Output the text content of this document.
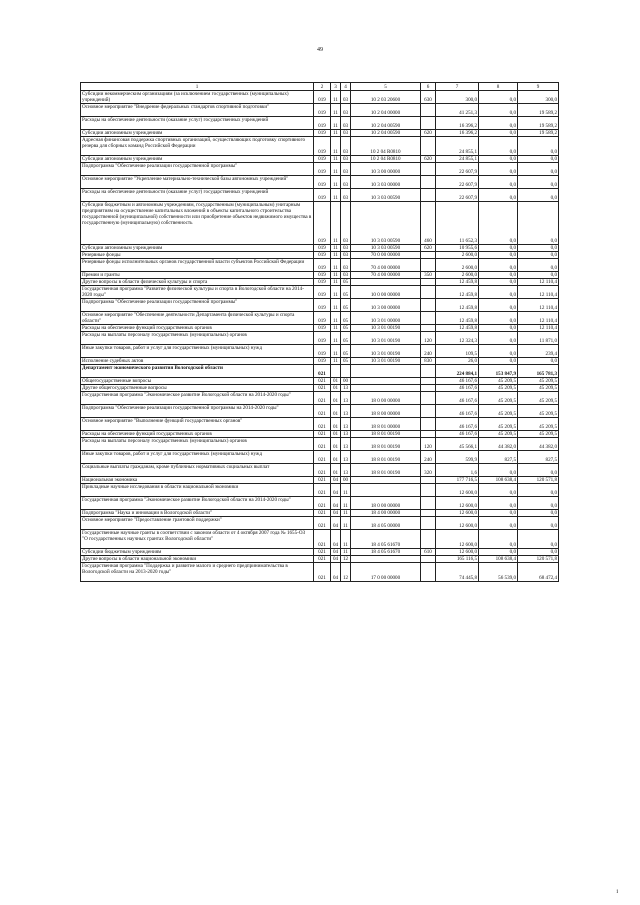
49
1	2	3	4	5	6	7	8	9
Субсидии некоммерческим организациям (за исключением государственных (муниципальных) учреждений)	019	11	03	10 2 03 20600	630	300,0	0,0	300,0
Основное мероприятие "Внедрение федеральных стандартов спортивной подготовки"	019	11	03	10 2 04 00000		41 251,3	0,0	19 589,2
Расходы на обеспечение деятельности (оказание услуг) государственных учреждений	019	11	03	10 2 04 00590		16 396,2	0,0	19 589,2
Субсидии автономным учреждениям	019	11	03	10 2 04 00590	620	16 396,2	0,0	19 589,2
Адресная финансовая поддержка спортивных организаций, осуществляющих подготовку спортивного резерва для сборных команд Российской Федерации	019	11	03	10 2 04 R0810		24 855,1	0,0	0,0
Субсидии автономным учреждениям	019	11	03	10 2 04 R0810	620	24 855,1	0,0	0,0
Подпрограмма "Обеспечение реализации государственной программы"	019	11	03	10 3 00 00000		22 607,9	0,0	0,0
Основное мероприятие "Укрепление материально-технической базы автономных учреждений"	019	11	03	10 3 03 00000		22 607,9	0,0	0,0
Расходы на обеспечение деятельности (оказание услуг) государственных учреждений	019	11	03	10 3 03 00590		22 607,9	0,0	0,0
Субсидии бюджетным и автономным учреждениям, государственным (муниципальным) унитарным предприятиям на осуществление капитальных вложений в объекты капитального строительства государственной (муниципальной) собственности или приобретение объектов недвижимого имущества в государственную (муниципальную) собственность	019	11	03	10 3 03 00590	460	11 652,3	0,0	0,0
Субсидии автономным учреждениям	019	11	03	10 3 03 00590	620	10 955,6	0,0	0,0
Резервные фонды	019	11	03	70 0 00 00000		2 600,0	0,0	0,0
Резервные фонды исполнительных органов государственной власти субъектов Российской Федерации	019	11	03	70 4 00 00000		2 600,0	0,0	0,0
Премии и гранты	019	11	03	70 4 00 00000	350	2 600,0	0,0	0,0
Другие вопросы в области физической культуры и спорта	019	11	05			12 459,8	0,0	12 110,4
Государственная программа "Развитие физической культуры и спорта в Вологодской области на 2014-2020 годы"	019	11	05	10 0 00 00000		12 459,8	0,0	12 110,4
Подпрограмма "Обеспечение реализации государственной программы"	019	11	05	10 3 00 00000		12 459,8	0,0	12 110,4
Основное мероприятие "Обеспечение деятельности Департамента физической культуры и спорта области"	019	11	05	10 3 01 00000		12 459,8	0,0	12 110,4
Расходы на обеспечение функций государственных органов	019	11	05	10 3 01 00190		12 459,8	0,0	12 110,4
Расходы на выплаты персоналу государственных (муниципальных) органов	019	11	05	10 3 01 00190	120	12 324,3	0,0	11 871,0
Иные закупки товаров, работ и услуг для государственных (муниципальных) нужд	019	11	05	10 3 01 00190	240	109,5	0,0	239,4
Исполнение судебных актов	019	11	05	10 3 01 00190	830	26,0	0,0	0,0
Департамент экономического развития Вологодской области	021					224 884,1	153 847,9	165 781,3
Общегосударственные вопросы	021	01	00			46 167,6	45 209,5	45 209,5
Другие общегосударственные вопросы	021	01	13			46 167,6	45 209,5	45 209,5
Государственная программа "Экономическое развитие Вологодской области на 2014-2020 годы"	021	01	13	18 0 00 00000		46 167,6	45 209,5	45 209,5
Подпрограмма "Обеспечение реализации государственной программы на 2014-2020 годы"	021	01	13	18 8 00 00000		46 167,6	45 209,5	45 209,5
Основное мероприятие "Выполнение функций государственных органов"	021	01	13	18 8 01 00000		46 167,6	45 209,5	45 209,5
Расходы на обеспечение функций государственных органов	021	01	13	18 8 01 00190		46 167,6	45 209,5	45 209,5
Расходы на выплаты персоналу государственных (муниципальных) органов	021	01	13	18 8 01 00190	120	45 566,1	44 382,0	44 382,0
Иные закупки товаров, работ и услуг для государственных (муниципальных) нужд	021	01	13	18 8 01 00190	240	599,9	827,5	827,5
Социальные выплаты гражданам, кроме публичных нормативных социальных выплат	021	01	13	18 8 01 00190	320	1,6	0,0	0,0
Национальная экономика	021	04	00			177 716,5	108 638,4	120 571,8
Прикладные научные исследования в области национальной экономики	021	04	11			12 600,0	0,0	0,0
Государственная программа "Экономическое развитие Вологодской области на 2014-2020 годы"	021	04	11	18 0 00 00000		12 600,0	0,0	0,0
Подпрограмма "Наука и инновации в Вологодской области"	021	04	11	18 4 00 00000		12 600,0	0,0	0,0
Основное мероприятие "Предоставление грантовой поддержки"	021	04	11	18 4 05 00000		12 600,0	0,0	0,0
Государственные научные гранты в соответствии с законом области от 4 октября 2007 года № 1655-ОЗ "О государственных научных грантах Вологодской области"	021	04	11	18 4 05 61670		12 600,0	0,0	0,0
Субсидии бюджетным учреждениям	021	04	11	18 4 05 61670	610	12 600,0	0,0	0,0
Другие вопросы в области национальной экономики	021	04	12			165 116,5	108 638,4	120 571,8
Государственная программа "Поддержка и развитие малого и среднего предпринимательства в Вологодской области на 2013-2020 годы"	021	04	12	17 0 00 00000		74 445,8	56 539,0	68 472,4
i
